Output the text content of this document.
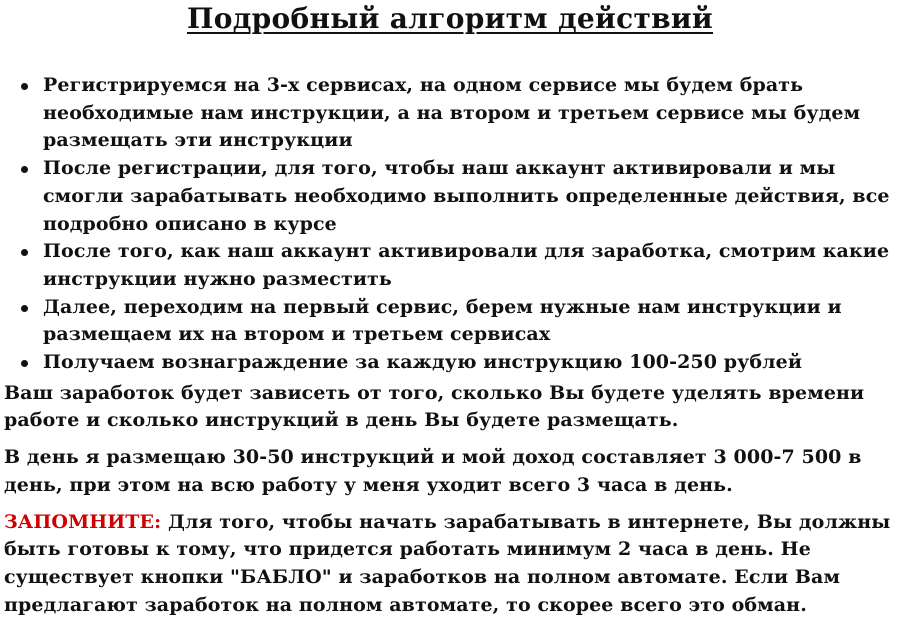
Подробный алгоритм действий
Регистрируемся на 3-х сервисах, на одном сервисе мы будем брать необходимые нам инструкции, а на втором и третьем сервисе мы будем размещать эти инструкции
После регистрации, для того, чтобы наш аккаунт активировали и мы смогли зарабатывать необходимо выполнить определенные действия, все подробно описано в курсе
После того, как наш аккаунт активировали для заработка, смотрим какие инструкции нужно разместить
Далее, переходим на первый сервис, берем нужные нам инструкции и размещаем их на втором и третьем сервисах
Получаем вознаграждение за каждую инструкцию 100-250 рублей

Ваш заработок будет зависеть от того, сколько Вы будете уделять времени работе и сколько инструкций в день Вы будете размещать.

В день я размещаю 30-50 инструкций и мой доход составляет 3 000-7 500 в день, при этом на всю работу у меня уходит всего 3 часа в день.

ЗАПОМНИТЕ: Для того, чтобы начать зарабатывать в интернете, Вы должны быть готовы к тому, что придется работать минимум 2 часа в день. Не существует кнопки "БАБЛО" и заработков на полном автомате. Если Вам предлагают заработок на полном автомате, то скорее всего это обман.
